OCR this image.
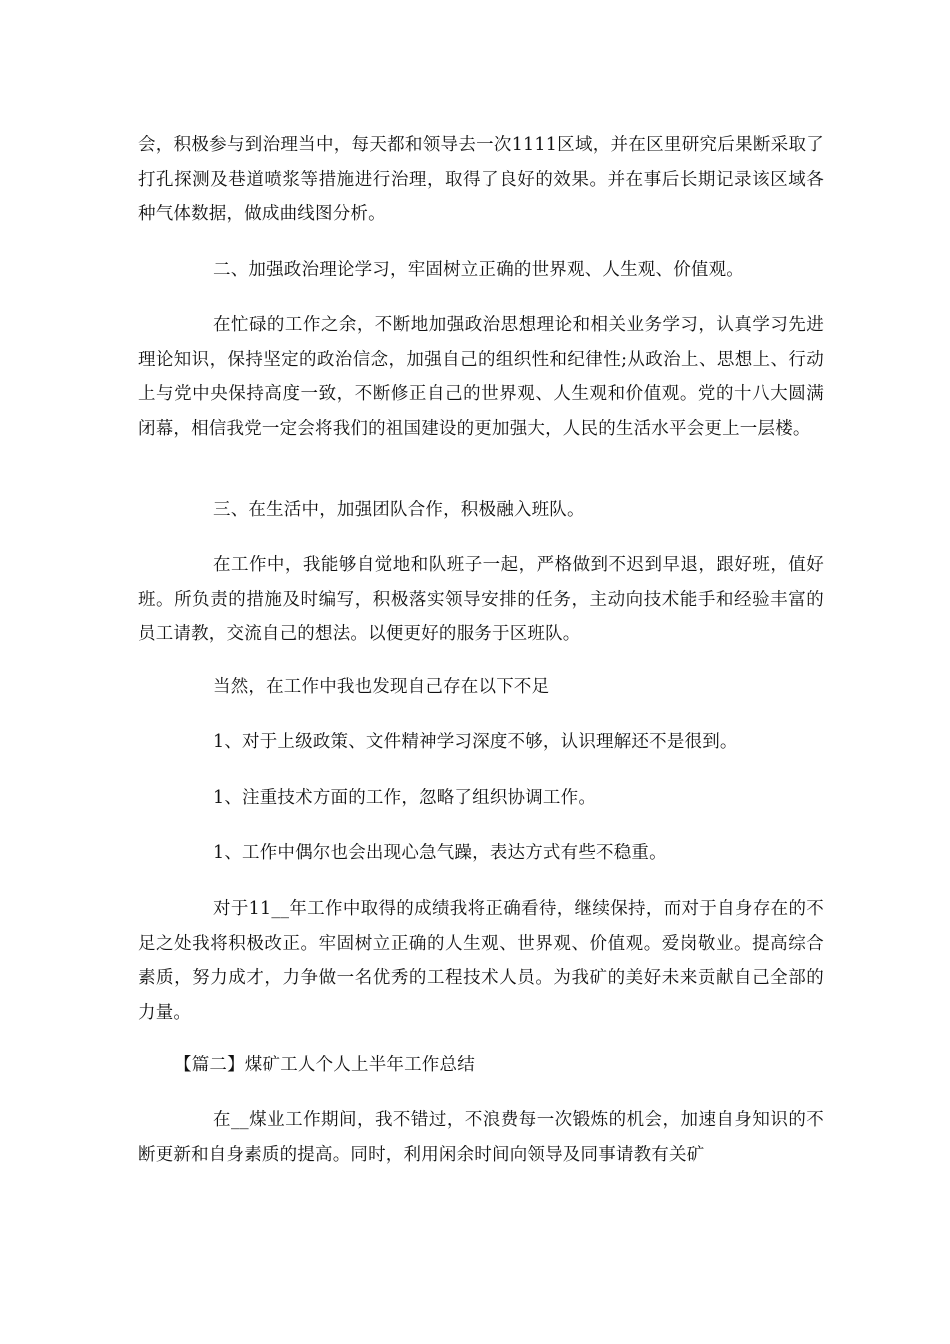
会，积极参与到治理当中，每天都和领导去一次1111区域，并在区里研究后果断采取了打孔探测及巷道喷浆等措施进行治理，取得了良好的效果。并在事后长期记录该区域各种气体数据，做成曲线图分析。

二、加强政治理论学习，牢固树立正确的世界观、人生观、价值观。

在忙碌的工作之余，不断地加强政治思想理论和相关业务学习，认真学习先进理论知识，保持坚定的政治信念，加强自己的组织性和纪律性;从政治上、思想上、行动上与党中央保持高度一致，不断修正自己的世界观、人生观和价值观。党的十八大圆满闭幕，相信我党一定会将我们的祖国建设的更加强大，人民的生活水平会更上一层楼。

三、在生活中，加强团队合作，积极融入班队。

在工作中，我能够自觉地和队班子一起，严格做到不迟到早退，跟好班，值好班。所负责的措施及时编写，积极落实领导安排的任务，主动向技术能手和经验丰富的员工请教，交流自己的想法。以便更好的服务于区班队。

当然，在工作中我也发现自己存在以下不足

1、对于上级政策、文件精神学习深度不够，认识理解还不是很到。

1、注重技术方面的工作，忽略了组织协调工作。

1、工作中偶尔也会出现心急气躁，表达方式有些不稳重。

对于11__年工作中取得的成绩我将正确看待，继续保持，而对于自身存在的不足之处我将积极改正。牢固树立正确的人生观、世界观、价值观。爱岗敬业。提高综合素质，努力成才，力争做一名优秀的工程技术人员。为我矿的美好未来贡献自己全部的力量。

【篇二】煤矿工人个人上半年工作总结

在__煤业工作期间，我不错过，不浪费每一次锻炼的机会，加速自身知识的不断更新和自身素质的提高。同时，利用闲余时间向领导及同事请教有关矿
